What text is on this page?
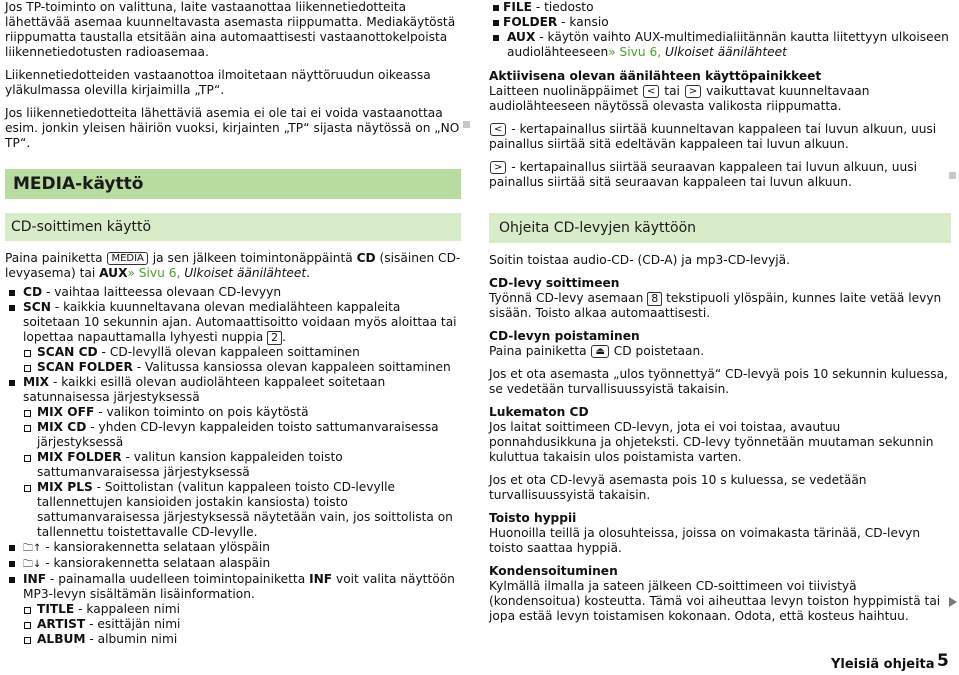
Jos TP-toiminto on valittuna, laite vastaanottaa liikennetiedotteita lähettävää asemaa kuunneltavasta asemasta riippumatta. Mediakäytöstä riippumatta taustalla etsitään aina automaattisesti vastaanottokelpoista liikennetiedotusten radioasemaa.

Liikennetiedotteiden vastaanottoa ilmoitetaan näyttöruudun oikeassa yläkulmassa olevilla kirjaimilla „TP“.

Jos liikennetiedotteita lähettäviä asemia ei ole tai ei voida vastaanottaa esim. jonkin yleisen häiriön vuoksi, kirjainten „TP“ sijasta näytössä on „NO TP“.

MEDIA-käyttö
CD-soittimen käyttö

Paina painiketta MEDIA ja sen jälkeen toimintonäppäintä CD (sisäinen CD-levyasema) tai AUX» Sivu 6, Ulkoiset äänilähteet.

CD - vaihtaa laitteessa olevaan CD-levyyn
SCN - kaikkia kuunneltavana olevan medialähteen kappaleita soitetaan 10 sekunnin ajan. Automaattisoitto voidaan myös aloittaa tai lopettaa napauttamalla lyhyesti nuppia 2 .
SCAN CD - CD-levyllä olevan kappaleen soittaminen
SCAN FOLDER - Valitussa kansiossa olevan kappaleen soittaminen
MIX - kaikki esillä olevan audiolähteen kappaleet soitetaan satunnaisessa järjestyksessä
MIX OFF - valikon toiminto on pois käytöstä
MIX CD - yhden CD-levyn kappaleiden toisto sattumanvaraisessa järjestyksessä
MIX FOLDER - valitun kansion kappaleiden toisto sattumanvaraisessa järjestyksessä
MIX PLS - Soittolistan (valitun kappaleen toisto CD-levylle tallennettujen kansioiden jostakin kansiosta) toisto sattumanvaraisessa järjestyksessä näytetään vain, jos soittolista on tallennettu toistettavalle CD-levylle.
🗀↑ - kansiorakennetta selataan ylöspäin
🗀↓ - kansiorakennetta selataan alaspäin
INF - painamalla uudelleen toimintopainiketta INF voit valita näyttöön MP3-levyn sisältämän lisäinformation.
TITLE - kappaleen nimi
ARTIST - esittäjän nimi
ALBUM - albumin nimi
FILE - tiedosto
FOLDER - kansio
AUX - käytön vaihto AUX-multimedialiitännän kautta liitettyyn ulkoiseen audiolähteeseen» Sivu 6, Ulkoiset äänilähteet

Aktiivisena olevan äänilähteen käyttöpainikkeet

Laitteen nuolinäppäimet < tai > vaikuttavat kuunneltavaan audiolähteeseen näytössä olevasta valikosta riippumatta.

< - kertapainallus siirtää kuunneltavan kappaleen tai luvun alkuun, uusi painallus siirtää sitä edeltävän kappaleen tai luvun alkuun.

> - kertapainallus siirtää seuraavan kappaleen tai luvun alkuun, uusi painallus siirtää sitä seuraavan kappaleen tai luvun alkuun.

Ohjeita CD-levyjen käyttöön

Soitin toistaa audio-CD- (CD-A) ja mp3-CD-levyjä.

CD-levy soittimeen

Työnnä CD-levy asemaan 8 tekstipuoli ylöspäin, kunnes laite vetää levyn sisään. Toisto alkaa automaattisesti.

CD-levyn poistaminen

Paina painiketta ⏏ CD poistetaan.

Jos et ota asemasta „ulos työnnettyä“ CD-levyä pois 10 sekunnin kuluessa, se vedetään turvallisuussyistä takaisin.

Lukematon CD

Jos laitat soittimeen CD-levyn, jota ei voi toistaa, avautuu ponnahdusikkuna ja ohjeteksti. CD-levy työnnetään muutaman sekunnin kuluttua takaisin ulos poistamista varten.

Jos et ota CD-levyä asemasta pois 10 s kuluessa, se vedetään turvallisuussyistä takaisin.

Toisto hyppii

Huonoilla teillä ja olosuhteissa, joissa on voimakasta tärinää, CD-levyn toisto saattaa hyppiä.

Kondensoituminen

Kylmällä ilmalla ja sateen jälkeen CD-soittimeen voi tiivistyä (kondensoitua) kosteutta. Tämä voi aiheuttaa levyn toiston hyppimistä tai jopa estää levyn toistamisen kokonaan. Odota, että kosteus haihtuu.

Yleisiä ohjeita 5
